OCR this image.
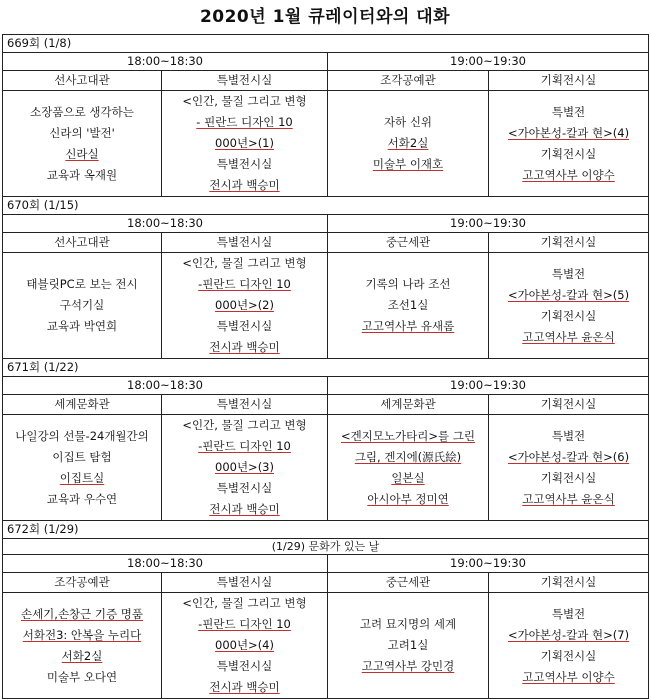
2020년 1월 큐레이터와의 대화
669회 (1/8)			
18:00~18:30		19:00~19:30	
선사고대관	특별전시실	조각공예관	기획전시실

소장품으로 생각하는
신라의 '발전'
신라실
교육과 옥재원	<인간, 물질 그리고 변형
- 핀란드 디자인 10
000년>(1)
특별전시실
전시과 백승미	자하 신위
서화2실
미술부 이재호	특별전
<가야본성-칼과 현>(4)
기획전시실
고고역사부 이양수

670회 (1/15)			
18:00~18:30		19:00~19:30	
선사고대관	특별전시실	중근세관	기획전시실

태블릿PC로 보는 전시
구석기실
교육과 박연희	<인간, 물질 그리고 변형
-핀란드 디자인 10
000년>(2)
특별전시실
전시과 백승미	기록의 나라 조선
조선1실
고고역사부 유새롬	특별전
<가야본성-칼과 현>(5)
기획전시실
고고역사부 윤온식

671회 (1/22)			
18:00~18:30		19:00~19:30	
세계문화관	특별전시실	세계문화관	기획전시실

나일강의 선물-24개월간의
이집트 탐험
이집트실
교육과 우수연	<인간, 물질 그리고 변형
-핀란드 디자인 10
000년>(3)
특별전시실
전시과 백승미	<겐지모노가타리>를 그린
그림, 겐지에(源氏絵)
일본실
아시아부 정미연	특별전
<가야본성-칼과 현>(6)
기획전시실
고고역사부 윤온식

672회 (1/29)			
(1/29) 문화가 있는 날			
18:00~18:30		19:00~19:30	
조각공예관	특별전시실	중근세관	기획전시실

손세기,손창근 기증 명품
서화전3: 안복을 누리다
서화2실
미술부 오다연	<인간, 물질 그리고 변형
-핀란드 디자인 10
000년>(4)
특별전시실
전시과 백승미	고려 묘지명의 세계
고려1실
고고역사부 강민경	특별전
<가야본성-칼과 현>(7)
기획전시실
고고역사부 이양수
